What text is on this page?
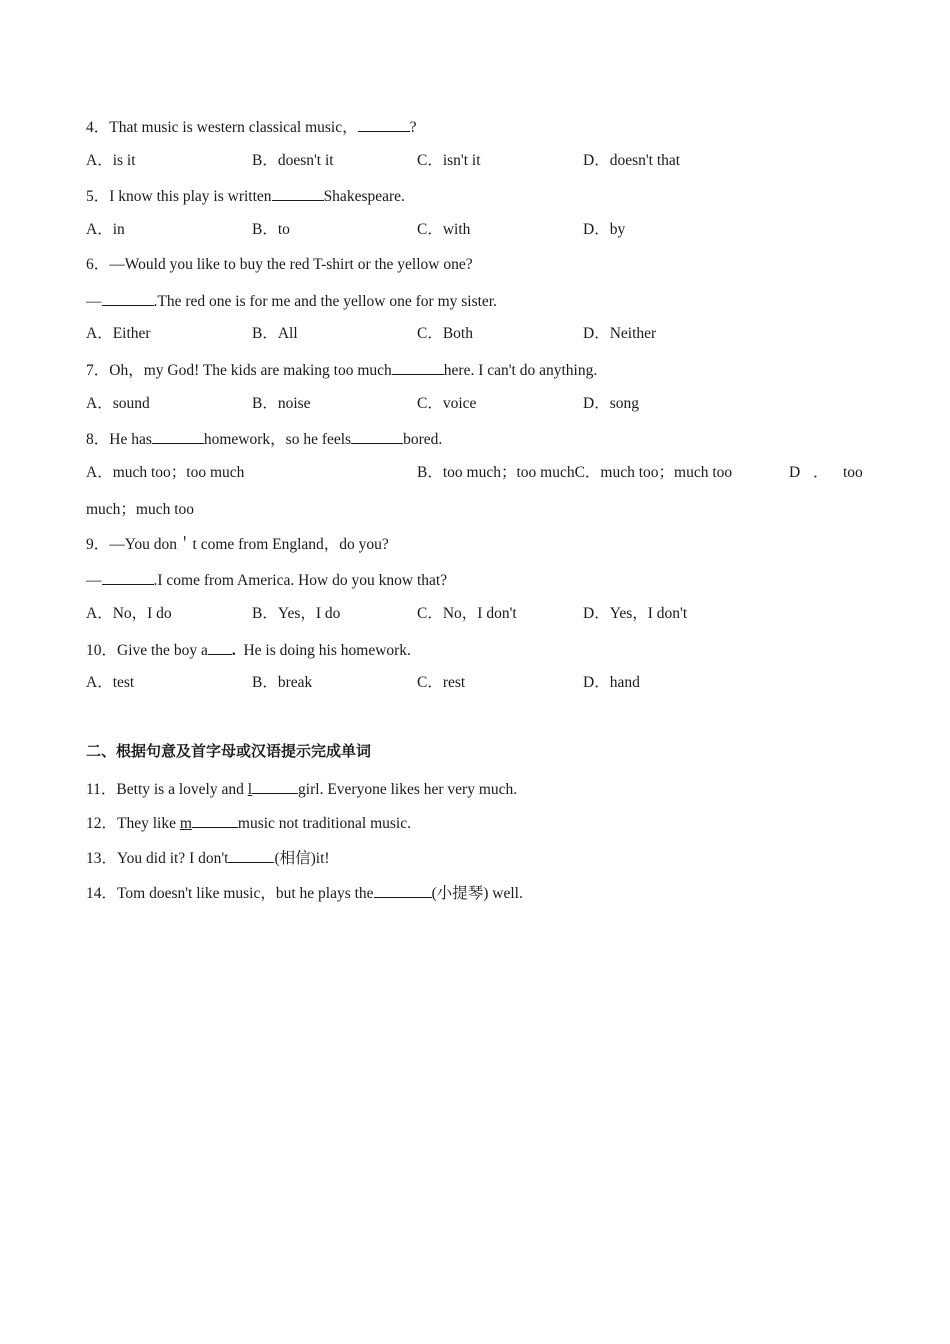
4．That music is western classical music，	?
A．is it	B．doesn't it	C．isn't it	D．doesn't that
5．I know this play is written	Shakespeare.
A．in	B．to	C．with	D．by
6．—Would you like to buy the red T-shirt or the yellow one?
—	.The red one is for me and the yellow one for my sister.
A．Either	B．All	C．Both	D．Neither
7．Oh，my God! The kids are making too much	here. I can't do anything.
A．sound	B．noise	C．voice	D．song
8．He has	homework，so he feels	bored.
A．much too；too much	B．too much；too muchC．much too；much too	D ． too
much；much too
9．—You don＇t come from England，do you?
—	.I come from America. How do you know that?
A．No，I do	B．Yes，I do	C．No，I don't	D．Yes，I don't
10．Give the boy a . He is doing his homework.
A．test	B．break	C．rest	D．hand
二、根据句意及首字母或汉语提示完成单词
11．Betty is a lovely and l	girl. Everyone likes her very much.
12．They like m	music not traditional music.
13．You did it? I don't	(相信)it!
14．Tom doesn't like music，but he plays the	(小提琴) well.
